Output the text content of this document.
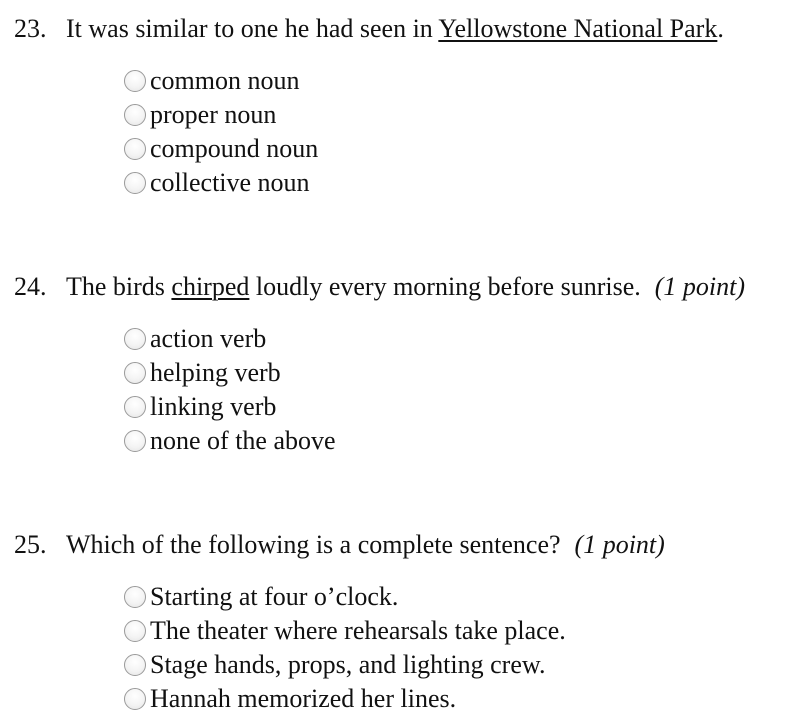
23. It was similar to one he had seen in Yellowstone National Park.
common noun
proper noun
compound noun
collective noun
24. The birds chirped loudly every morning before sunrise. (1 point)
action verb
helping verb
linking verb
none of the above
25. Which of the following is a complete sentence? (1 point)
Starting at four o’clock.
The theater where rehearsals take place.
Stage hands, props, and lighting crew.
Hannah memorized her lines.
